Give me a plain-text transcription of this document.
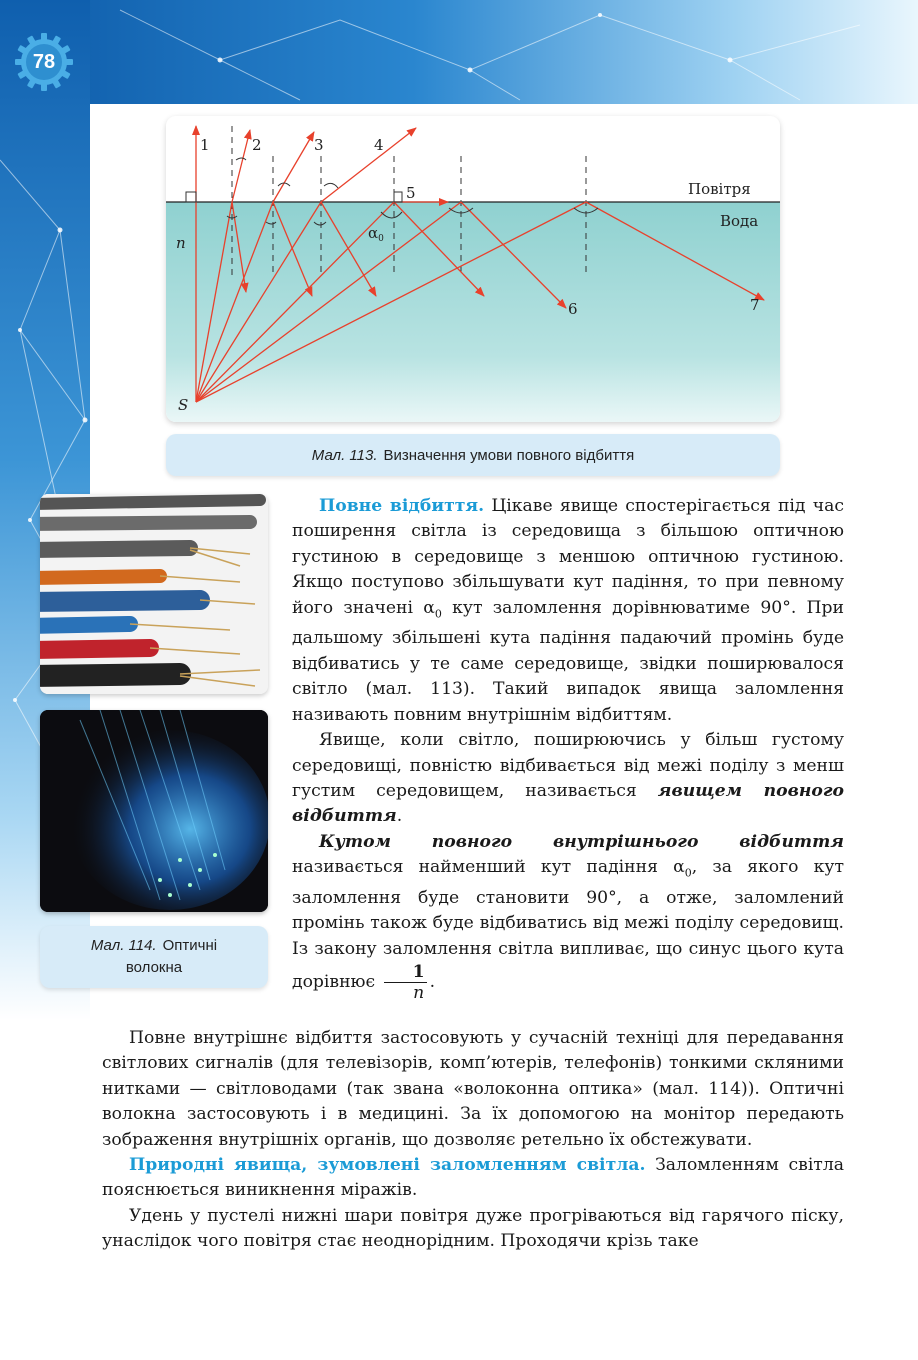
78
1	2	3	4
5
6	7
Повітря
Вода
n
$\alpha_0$
S
Мал. 113. Визначення умови повного відбиття
Мал. 114. Оптичні
волокна

Повне відбиття. Цікаве явище спостерігається під час поширення світла із середовища з більшою оптичною густиною в середовище з меншою оптичною густиною. Якщо поступово збільшувати кут падіння, то при певному його значені $\alpha_0$ кут заломлення дорівнюватиме 90°. При дальшому збільшені кута падіння падаючий промінь буде відбиватись у те саме середовище, звідки поширювалося світло (мал. 113). Такий випадок явища заломлення називають повним внутрішнім відбиттям.

Явище, коли світло, поширюючись у більш густому середовищі, повністю відбивається від межі поділу з менш густим середовищем, називається явищем повного відбиття.

Кутом повного внутрішнього відбиття називається найменший кут падіння $\alpha_0$, за якого кут заломлення буде становити 90°, а отже, заломлений промінь також буде відбиватись від межі поділу середовищ. Із закону заломлення світла випливає, що синус цього кута дорівнює $\frac{1}{n}$ .

Повне внутрішнє відбиття застосовують у сучасній техніці для передавання світлових сигналів (для телевізорів, комп’ютерів, телефонів) тонкими скляними нитками — світловодами (так звана «волоконна оптика» (мал. 114)). Оптичні волокна застосовують і в медицині. За їх допомогою на монітор передають зображення внутрішніх органів, що дозволяє ретельно їх обстежувати.

Природні явища, зумовлені заломленням світла. Заломленням світла пояснюється виникнення міражів.

Удень у пустелі нижні шари повітря дуже прогріваються від гарячого піску, унаслідок чого повітря стає неоднорідним. Проходячи крізь таке
